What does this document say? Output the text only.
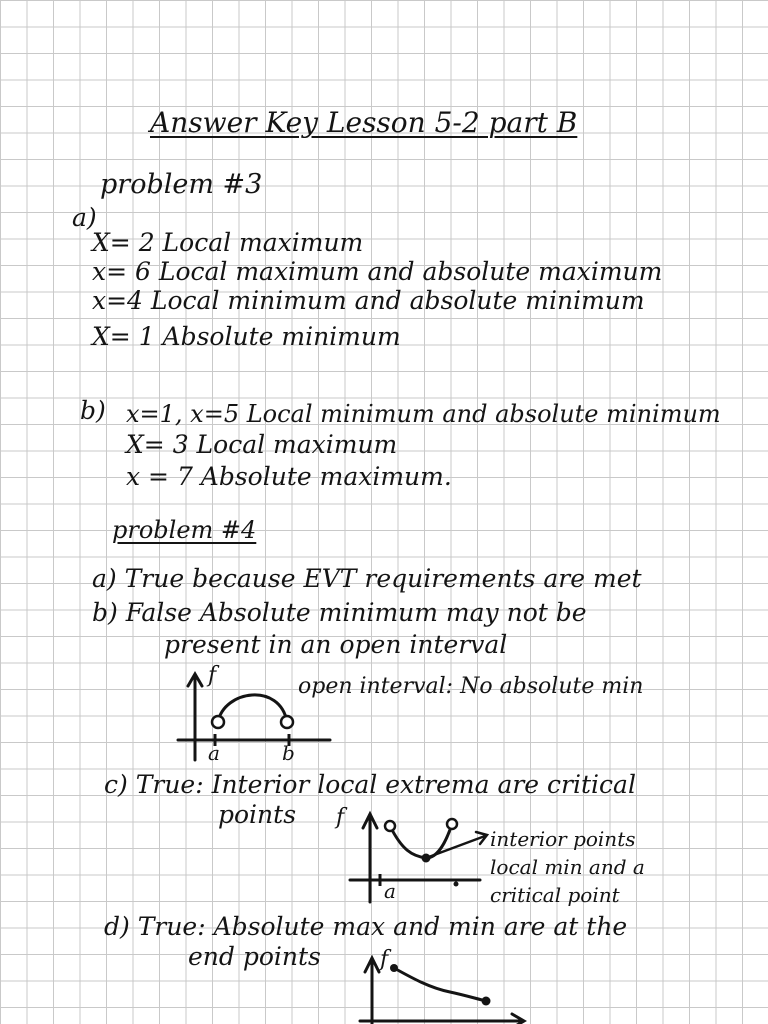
Answer Key Lesson 5-2 part B
problem #3
a)
X= 2 Local maximum
x= 6 Local maximum and absolute maximum
x=4 Local minimum and absolute minimum
X= 1 Absolute minimum
b) x=1, x=5 Local minimum and absolute minimum
X= 3 Local maximum
x = 7 Absolute maximum.
problem #4
a) True because EVT requirements are met
b) False Absolute minimum may not be
present in an open interval
f
a	b
open interval: No absolute min
c) True: Interior local extrema are critical
points f
a
interior points
local min and a
critical point
d) True: Absolute max and min are at the
end points	f
